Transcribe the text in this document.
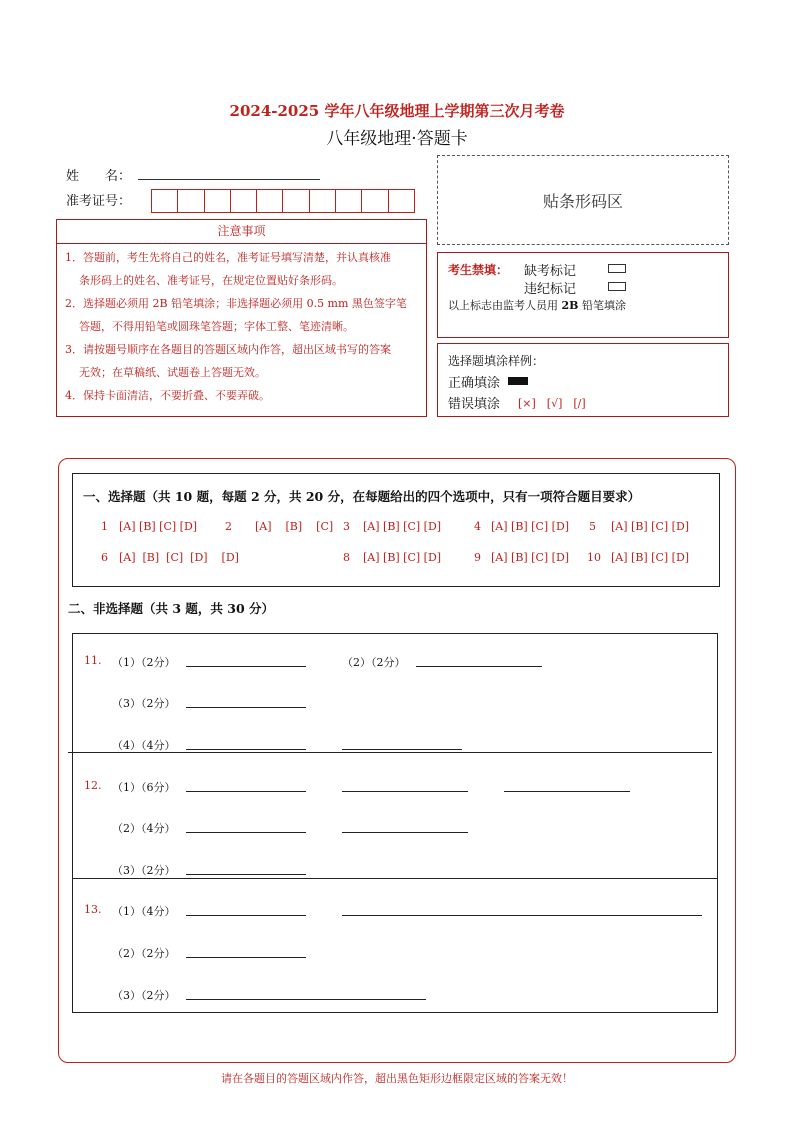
2024-2025 学年八年级地理上学期第三次月考卷
八年级地理·答题卡
姓　　名：
准考证号：	贴条形码区
注意事项
1．答题前，考生先将自己的姓名，准考证号填写清楚，并认真核准
条形码上的姓名、准考证号，在规定位置贴好条形码。
2．选择题必须用 2B 铅笔填涂；非选择题必须用 0.5 mm 黑色签字笔
答题，不得用铅笔或圆珠笔答题；字体工整、笔迹清晰。
3．请按题号顺序在各题目的答题区域内作答，超出区域书写的答案
无效；在草稿纸、试题卷上答题无效。
4．保持卡面清洁，不要折叠、不要弄破。
考生禁填： 缺考标记
违纪标记
以上标志由监考人员用 2B 铅笔填涂
选择题填涂样例：
正确填涂
错误填涂 [×]　[√]　[/]
一、选择题（共 10 题，每题 2 分，共 20 分，在每题给出的四个选项中，只有一项符合题目要求）
1 [A] [B] [C] [D]	2 [A]    [B]    [C] 3 [A] [B] [C] [D]	4 [A] [B] [C] [D] 5 [A] [B] [C] [D]
6 [A]  [B]  [C]  [D]    [D]	8 [A] [B] [C] [D]	9 [A] [B] [C] [D] 10 [A] [B] [C] [D]
二、非选择题（共 3 题，共 30 分）
11. （1）（2分）	（2）（2分）
（3）（2分）
（4）（4分）
12. （1）（6分）
（2）（4分）
（3）（2分）
13. （1）（4分）
（2）（2分）
（3）（2分）
请在各题目的答题区域内作答，超出黑色矩形边框限定区域的答案无效！
